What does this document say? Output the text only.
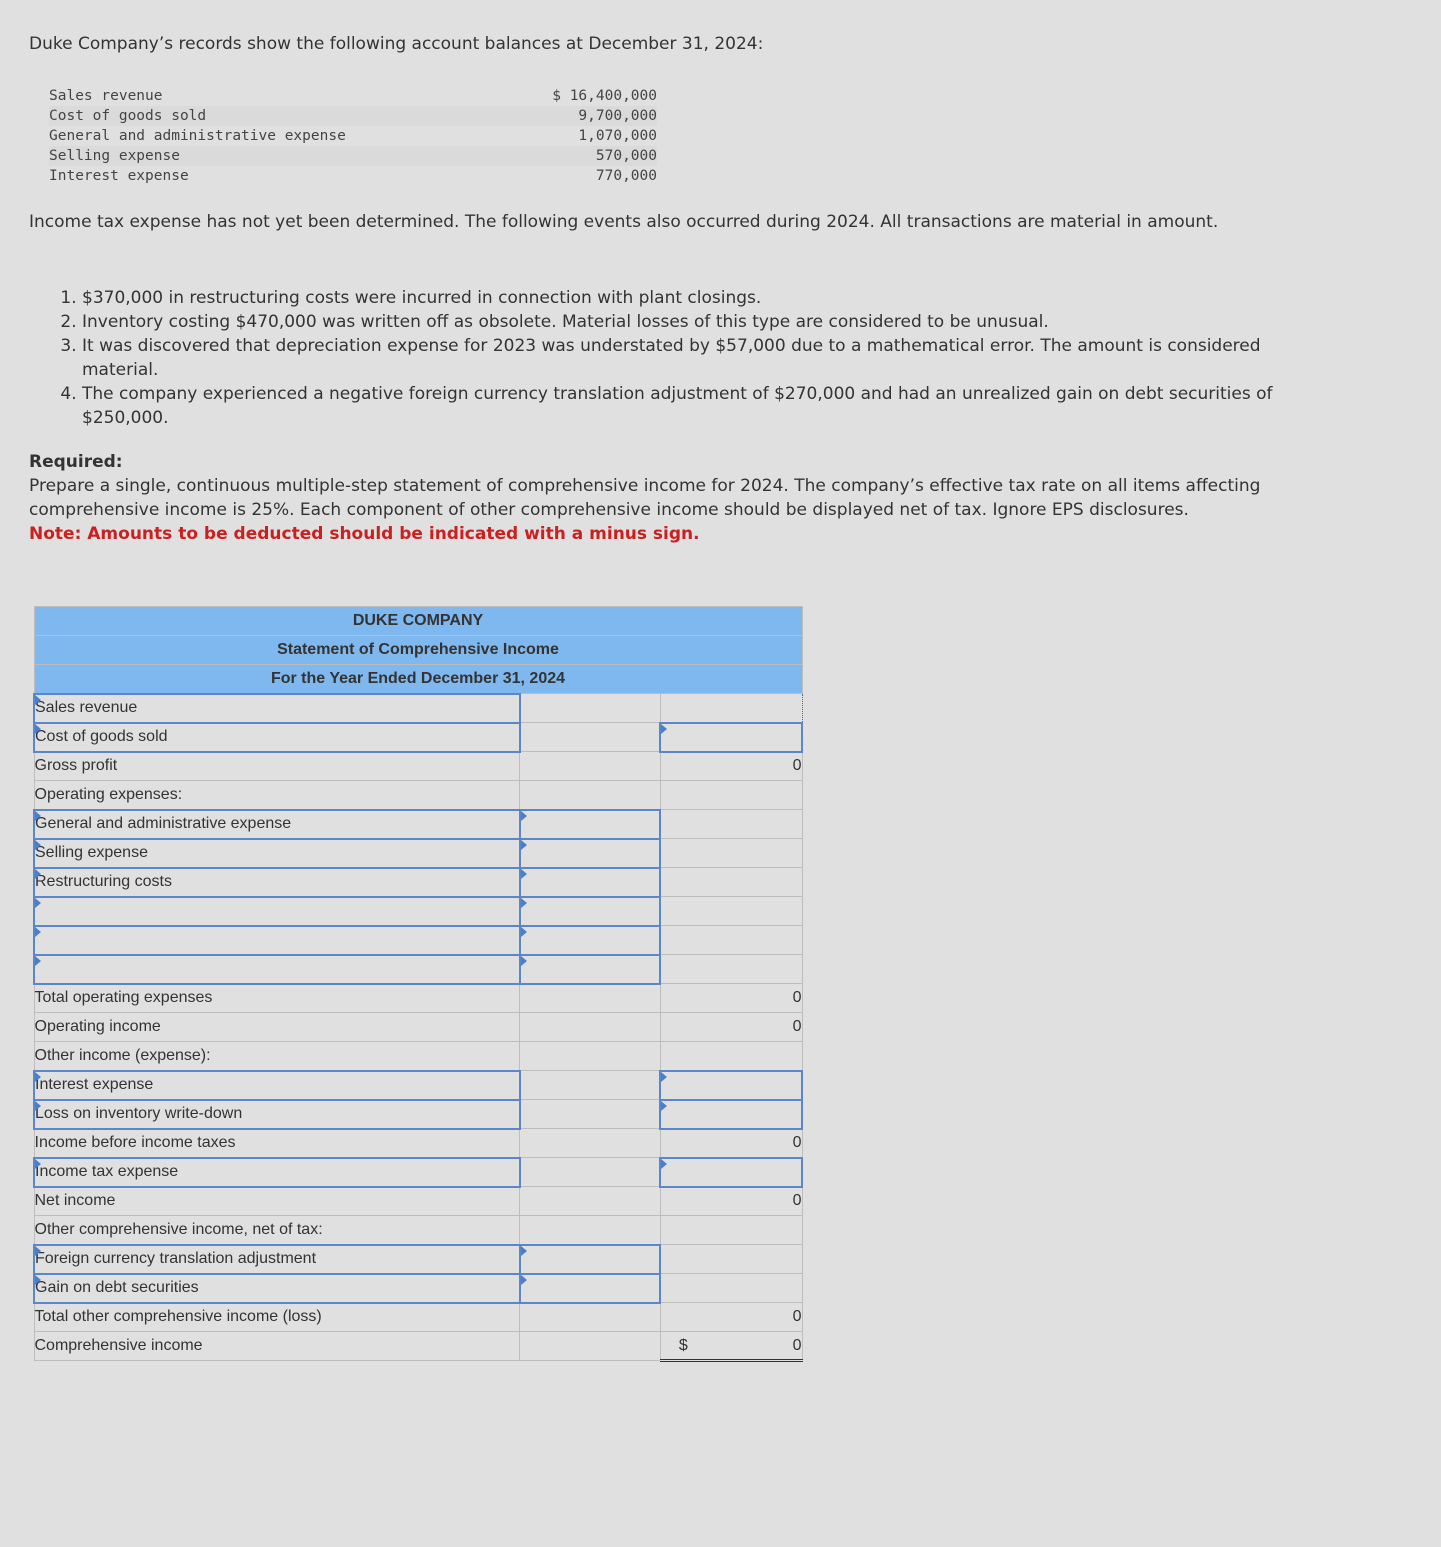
Duke Company’s records show the following account balances at December 31, 2024:
Sales revenue	$ 16,400,000
Cost of goods sold	9,700,000
General and administrative expense	1,070,000
Selling expense	570,000
Interest expense	770,000
Income tax expense has not yet been determined. The following events also occurred during 2024. All transactions are material in amount.
1. $370,000 in restructuring costs were incurred in connection with plant closings.
2. Inventory costing $470,000 was written off as obsolete. Material losses of this type are considered to be unusual.
3. It was discovered that depreciation expense for 2023 was understated by $57,000 due to a mathematical error. The amount is considered material.
4. The company experienced a negative foreign currency translation adjustment of $270,000 and had an unrealized gain on debt securities of $250,000.
Required:
Prepare a single, continuous multiple-step statement of comprehensive income for 2024. The company’s effective tax rate on all items affecting comprehensive income is 25%. Each component of other comprehensive income should be displayed net of tax. Ignore EPS disclosures.
Note: Amounts to be deducted should be indicated with a minus sign.
DUKE COMPANY		
Statement of Comprehensive Income		
For the Year Ended December 31, 2024		
Sales revenue		
Cost of goods sold		
Gross profit		0
Operating expenses:		
General and administrative expense		
Selling expense		
Restructuring costs		

Total operating expenses		0
Operating income		0
Other income (expense):		
Interest expense		
Loss on inventory write-down		
Income before income taxes		0
Income tax expense		
Net income		0
Other comprehensive income, net of tax:		
Foreign currency translation adjustment		
Gain on debt securities		
Total other comprehensive income (loss)		0
Comprehensive income		$ 0
